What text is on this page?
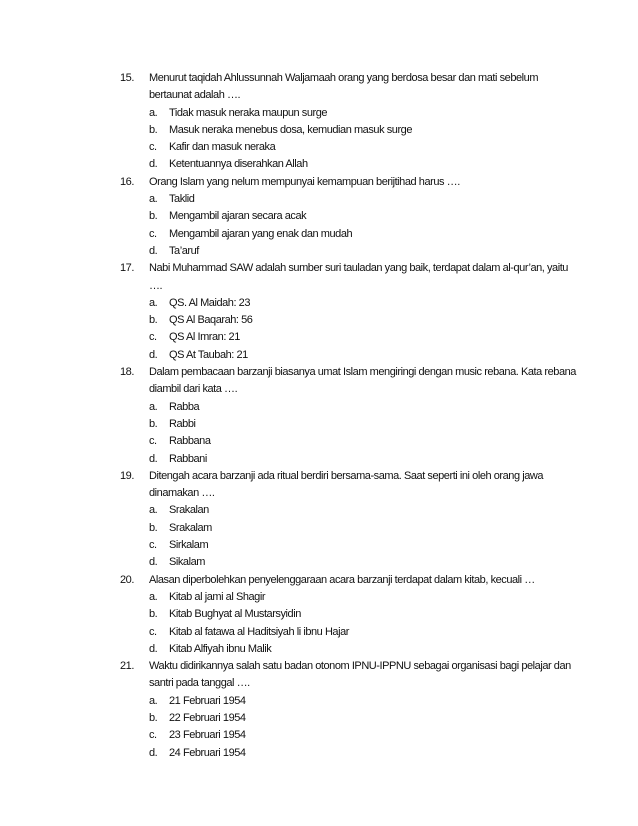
15. Menurut taqidah Ahlussunnah Waljamaah orang yang berdosa besar dan mati sebelum bertaunat adalah ….
a. Tidak masuk neraka maupun surge
b. Masuk neraka menebus dosa, kemudian masuk surge
c. Kafir dan masuk neraka
d. Ketentuannya diserahkan Allah
16. Orang Islam yang nelum mempunyai kemampuan berijtihad harus ….
a. Taklid
b. Mengambil ajaran secara acak
c. Mengambil ajaran yang enak dan mudah
d. Ta’aruf
17. Nabi Muhammad SAW adalah sumber suri tauladan yang baik, terdapat dalam al-qur’an, yaitu ….
a. QS. Al Maidah: 23
b. QS Al Baqarah: 56
c. QS Al Imran: 21
d. QS At Taubah: 21
18. Dalam pembacaan barzanji biasanya umat Islam mengiringi dengan music rebana. Kata rebana diambil dari kata ….
a. Rabba
b. Rabbi
c. Rabbana
d. Rabbani
19. Ditengah acara barzanji ada ritual berdiri bersama-sama. Saat seperti ini oleh orang jawa dinamakan ….
a. Srakalan
b. Srakalam
c. Sirkalam
d. Sikalam
20. Alasan diperbolehkan penyelenggaraan acara barzanji terdapat dalam kitab, kecuali …
a. Kitab al jami al Shagir
b. Kitab Bughyat al Mustarsyidin
c. Kitab al fatawa al Haditsiyah li ibnu Hajar
d. Kitab Alfiyah ibnu Malik
21. Waktu didirikannya salah satu badan otonom IPNU-IPPNU sebagai organisasi bagi pelajar dan santri pada tanggal ….
a. 21 Februari 1954
b. 22 Februari 1954
c. 23 Februari 1954
d. 24 Februari 1954
